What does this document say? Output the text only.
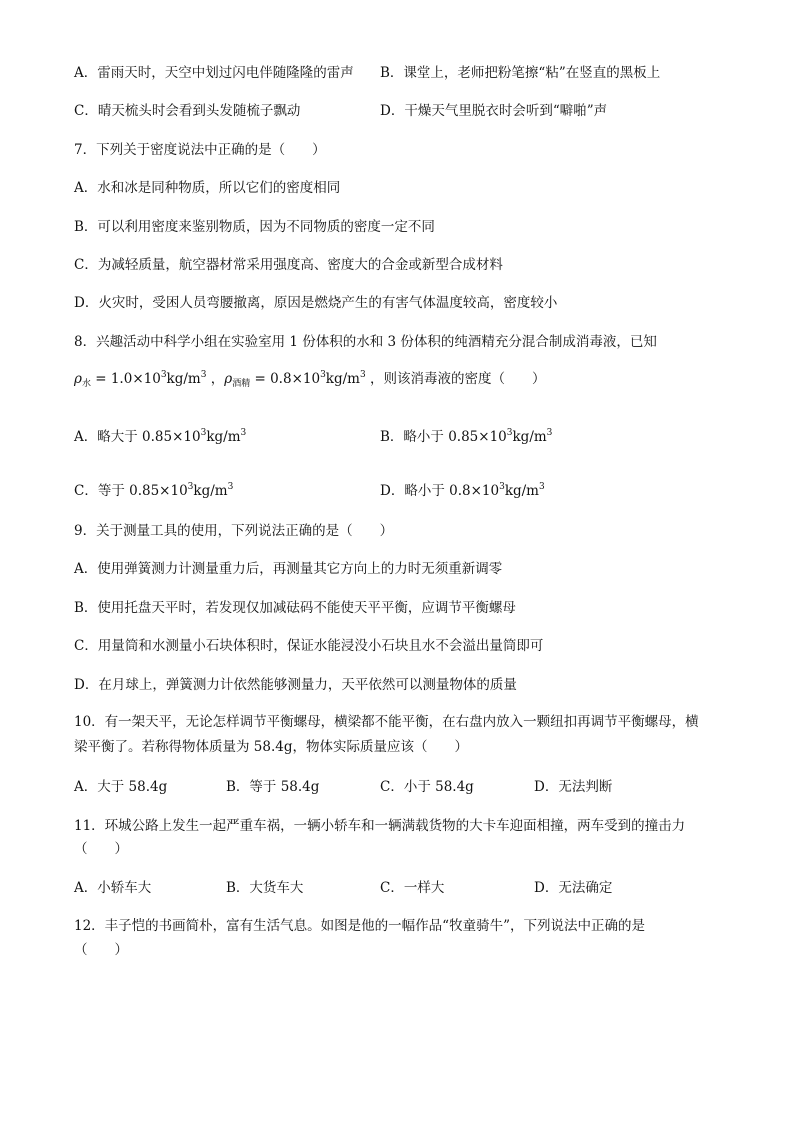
A．雷雨天时，天空中划过闪电伴随隆隆的雷声 B．课堂上，老师把粉笔擦“粘”在竖直的黑板上
C．晴天梳头时会看到头发随梳子飘动	D．干燥天气里脱衣时会听到“噼啪”声
7．下列关于密度说法中正确的是（　　）
A．水和冰是同种物质，所以它们的密度相同
B．可以利用密度来鉴别物质，因为不同物质的密度一定不同
C．为减轻质量，航空器材常采用强度高、密度大的合金或新型合成材料
D．火灾时，受困人员弯腰撤离，原因是燃烧产生的有害气体温度较高，密度较小
8．兴趣活动中科学小组在实验室用 1 份体积的水和 3 份体积的纯酒精充分混合制成消毒液，已知
$\rho_水 = 1.0\times 10^3kg/m^3$ ，$\rho_{酒精} = 0.8\times 10^3kg/m^3$ ，则该消毒液的密度（　　）
A．略大于 $0.85\times 10^3kg/m^3$	B．略小于 $0.85\times 10^3kg/m^3$
C．等于 $0.85\times 10^3kg/m^3$	D．略小于 $0.8\times 10^3kg/m^3$
9．关于测量工具的使用，下列说法正确的是（　　）
A．使用弹簧测力计测量重力后，再测量其它方向上的力时无须重新调零
B．使用托盘天平时，若发现仅加减砝码不能使天平平衡，应调节平衡螺母
C．用量筒和水测量小石块体积时，保证水能浸没小石块且水不会溢出量筒即可
D．在月球上，弹簧测力计依然能够测量力，天平依然可以测量物体的质量
10．有一架天平，无论怎样调节平衡螺母，横梁都不能平衡，在右盘内放入一颗纽扣再调节平衡螺母，横
梁平衡了。若称得物体质量为 58.4g，物体实际质量应该（　　）
A．大于 58.4g	B．等于 58.4g	C．小于 58.4g	D．无法判断
11．环城公路上发生一起严重车祸，一辆小轿车和一辆满载货物的大卡车迎面相撞，两车受到的撞击力
（　　）
A．小轿车大	B．大货车大	C．一样大	D．无法确定
12．丰子恺的书画简朴，富有生活气息。如图是他的一幅作品“牧童骑牛”，下列说法中正确的是
（　　）
